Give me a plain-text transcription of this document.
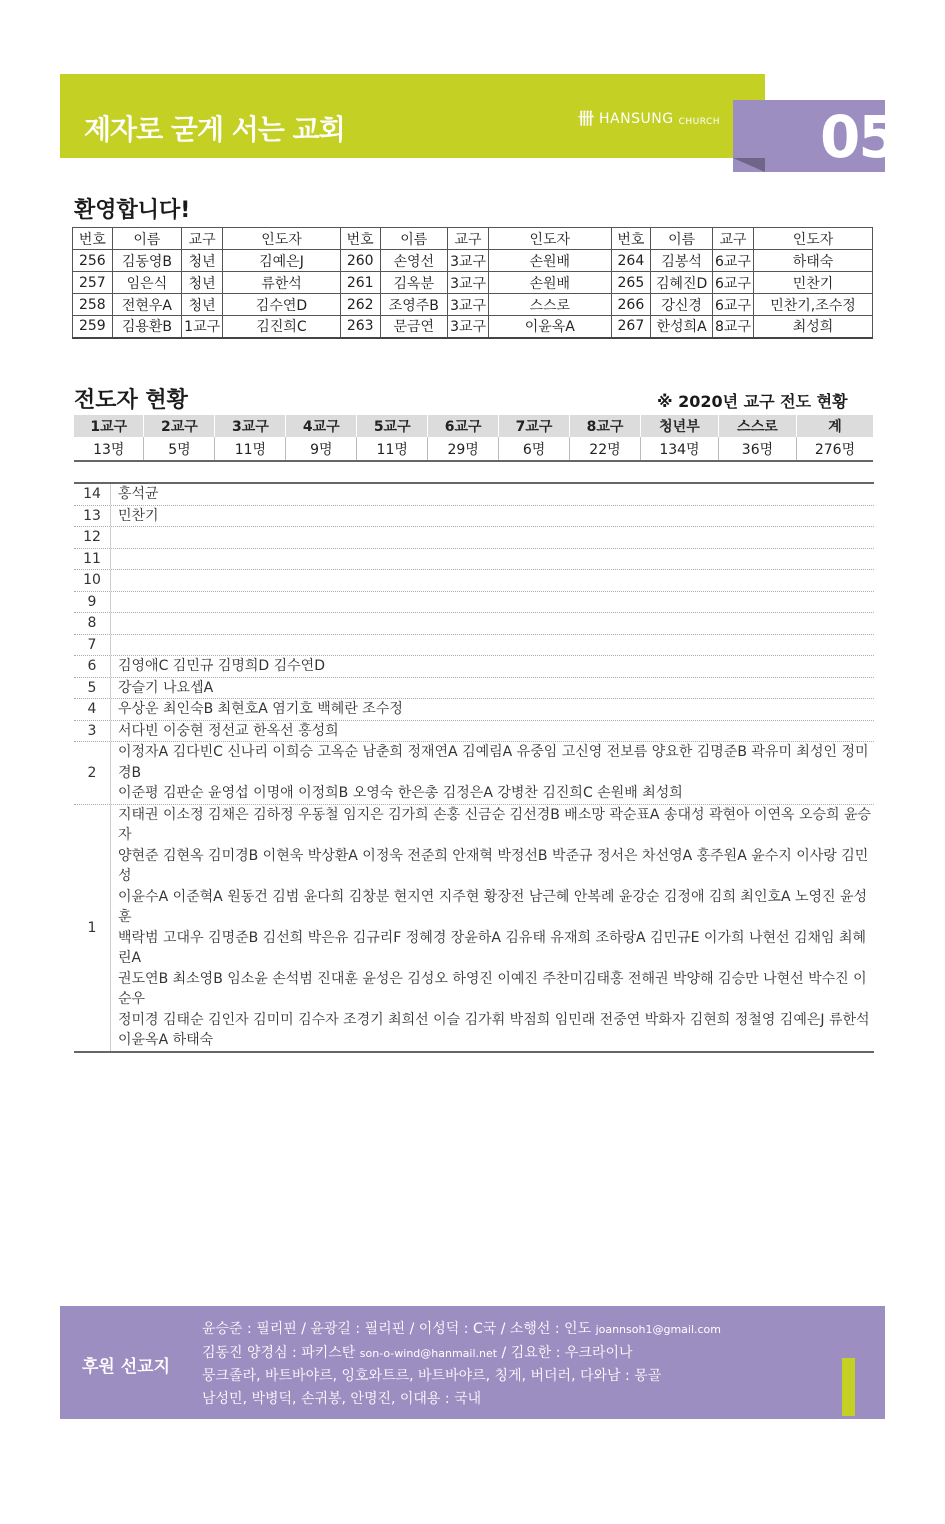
제자로 굳게 서는 교회	卌 HANSUNG CHURCH 05
환영합니다!
번호	이름	교구	인도자	번호	이름	교구	인도자	번호	이름	교구	인도자
256	김동영B	청년	김예은J	260	손영선	3교구	손원배	264	김봉석	6교구	하태숙
257	임은식	청년	류한석	261	김옥분	3교구	손원배	265	김혜진D	6교구	민찬기
258	전현우A	청년	김수연D	262	조영주B	3교구	스스로	266	강신경	6교구	민찬기,조수정
259	김용환B	1교구	김진희C	263	문금연	3교구	이윤옥A	267	한성희A	8교구	최성희
전도자 현황	※ 2020년 교구 전도 현황
1교구	2교구	3교구	4교구	5교구	6교구	7교구	8교구	청년부	스스로	계
13명	5명	11명	9명	11명	29명	6명	22명	134명	36명	276명
14	홍석균
13	민찬기
12
11
10
9
8
7
6	김영애C 김민규 김명희D 김수연D
5	강슬기 나요셉A
4	우상운 최인숙B 최현호A 염기호 백혜란 조수정
3	서다빈 이숭현 정선교 한옥선 홍성희
2
이정자A 김다빈C 신나리 이희승 고옥순 남춘희 정재연A 김예림A 유중임 고신영 전보름 양요한 김명준B 곽유미 최성인 정미경B
이준평 김판순 윤영섭 이명애 이정희B 오영숙 한은총 김정은A 강병찬 김진희C 손원배 최성희
1
지태권 이소정 김채은 김하정 우동철 임지은 김가희 손홍 신금순 김선경B 배소망 곽순표A 송대성 곽현아 이연옥 오승희 윤승자
양현준 김현옥 김미경B 이현욱 박상환A 이정욱 전준희 안재혁 박정선B 박준규 정서은 차선영A 홍주원A 윤수지 이사랑 김민성
이윤수A 이준혁A 원동건 김범 윤다희 김창분 현지연 지주현 황장전 남근혜 안복례 윤강순 김정애 김희 최인호A 노영진 윤성훈
백락범 고대우 김명준B 김선희 박은유 김규리F 정혜경 장윤하A 김유태 유재희 조하랑A 김민규E 이가희 나현선 김채임 최혜린A
권도연B 최소영B 임소윤 손석범 진대훈 윤성은 김성오 하영진 이예진 주찬미김태홍 전해권 박양해 김승만 나현선 박수진 이순우
정미경 김태순 김인자 김미미 김수자 조경기 최희선 이슬 김가휘 박점희 임민래 전중연 박화자 김현희 정철영 김예은J 류한석
이윤옥A 하태숙
후원 선교지
윤승준 : 필리핀 / 윤광길 : 필리핀 / 이성덕 : C국 / 소행선 : 인도 joannsoh1@gmail.com
김동진 양경심 : 파키스탄 son-o-wind@hanmail.net / 김요한 : 우크라이나
뭉크졸라, 바트바야르, 잉호와트르, 바트바야르, 칭게, 버더러, 다와남 : 몽골
남성민, 박병덕, 손귀봉, 안명진, 이대용 : 국내
